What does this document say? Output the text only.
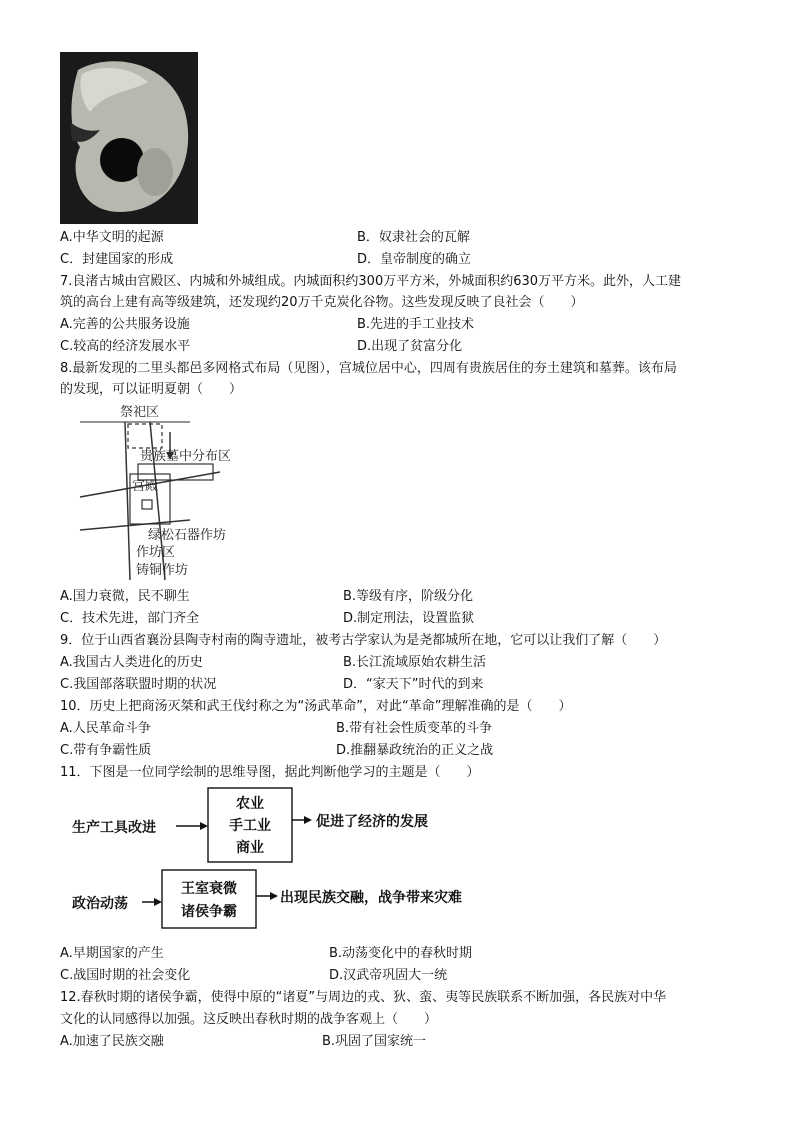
A.中华文明的起源	B．奴隶社会的瓦解
C．封建国家的形成	D．皇帝制度的确立
7.良渚古城由宫殿区、内城和外城组成。内城面积约300万平方米，外城面积约630万平方米。此外，人工建
筑的高台上建有高等级建筑，还发现约20万千克炭化谷物。这些发现反映了良社会（　　）
A.完善的公共服务设施	B.先进的手工业技术
C.较高的经济发展水平	D.出现了贫富分化
8.最新发现的二里头都邑多网格式布局（见图），宫城位居中心，四周有贵族居住的夯土建筑和墓葬。该布局
的发现，可以证明夏朝（　　）
祭祀区
贵族墓中分布区
宫殿
绿松石器作坊
作坊区
铸铜作坊
A.国力衰微，民不聊生	B.等级有序，阶级分化
C．技术先进，部门齐全	D.制定刑法，设置监狱
9．位于山西省襄汾县陶寺村南的陶寺遗址，被考古学家认为是尧都城所在地，它可以让我们了解（　　）
A.我国古人类进化的历史	B.长江流域原始农耕生活
C.我国部落联盟时期的状况	D．“家天下”时代的到来
10．历史上把商汤灭桀和武王伐纣称之为“汤武革命”，对此“革命”理解准确的是（　　）
A.人民革命斗争	B.带有社会性质变革的斗争
C.带有争霸性质	D.推翻暴政统治的正义之战
11．下图是一位同学绘制的思维导图，据此判断他学习的主题是（　　）
生产工具改进
农业
手工业
商业
促进了经济的发展
政治动荡
王室衰微
诸侯争霸
出现民族交融，战争带来灾难
A.早期国家的产生	B.动荡变化中的春秋时期
C.战国时期的社会变化	D.汉武帝巩固大一统
12.春秋时期的诸侯争霸，使得中原的“诸夏”与周边的戎、狄、蛮、夷等民族联系不断加强，各民族对中华
文化的认同感得以加强。这反映出春秋时期的战争客观上（　　）
A.加速了民族交融	B.巩固了国家统一
